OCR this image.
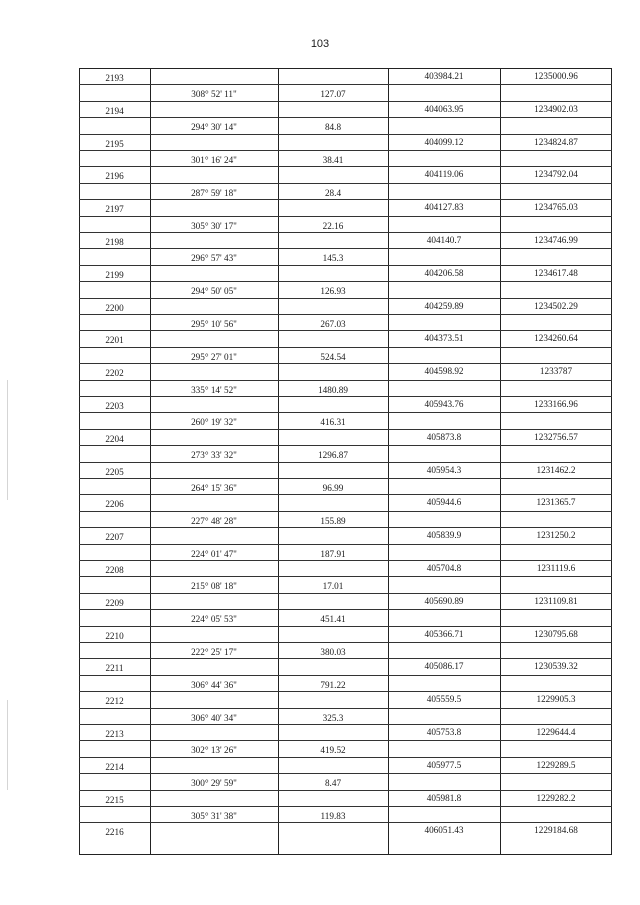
103
2193	403984.21	1235000.96
308° 52' 11"	127.07
2194	404063.95	1234902.03
294° 30' 14"	84.8
2195	404099.12	1234824.87
301° 16' 24"	38.41
2196	404119.06	1234792.04
287° 59' 18"	28.4
2197	404127.83	1234765.03
305° 30' 17"	22.16
2198	404140.7	1234746.99
296° 57' 43"	145.3
2199	404206.58	1234617.48
294° 50' 05"	126.93
2200	404259.89	1234502.29
295° 10' 56"	267.03
2201	404373.51	1234260.64
295° 27' 01"	524.54
2202	404598.92	1233787
335° 14' 52"	1480.89
2203	405943.76	1233166.96
260° 19' 32"	416.31
2204	405873.8	1232756.57
273° 33' 32"	1296.87
2205	405954.3	1231462.2
264° 15' 36"	96.99
2206	405944.6	1231365.7
227° 48' 28"	155.89
2207	405839.9	1231250.2
224° 01' 47"	187.91
2208	405704.8	1231119.6
215° 08' 18"	17.01
2209	405690.89	1231109.81
224° 05' 53"	451.41
2210	405366.71	1230795.68
222° 25' 17"	380.03
2211	405086.17	1230539.32
306° 44' 36"	791.22
2212	405559.5	1229905.3
306° 40' 34"	325.3
2213	405753.8	1229644.4
302° 13' 26"	419.52
2214	405977.5	1229289.5
300° 29' 59"	8.47
2215	405981.8	1229282.2
305° 31' 38"	119.83
2216	406051.43	1229184.68
